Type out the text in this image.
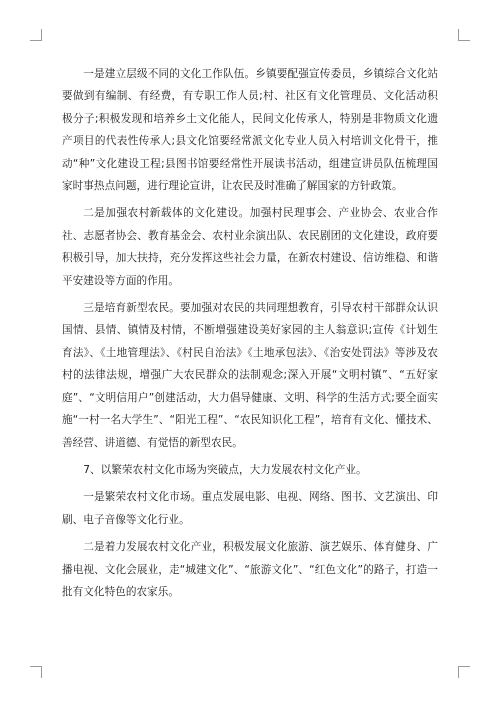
一是建立层级不同的文化工作队伍。乡镇要配强宣传委员，乡镇综合文化站要做到有编制、有经费，有专职工作人员;村、社区有文化管理员、文化活动积极分子;积极发现和培养乡土文化能人，民间文化传承人，特别是非物质文化遗产项目的代表性传承人;县文化馆要经常派文化专业人员入村培训文化骨干，推动“种”文化建设工程;县图书馆要经常性开展读书活动，组建宣讲员队伍梳理国家时事热点问题，进行理论宣讲，让农民及时准确了解国家的方针政策。

二是加强农村新载体的文化建设。加强村民理事会、产业协会、农业合作社、志愿者协会、教育基金会、农村业余演出队、农民剧团的文化建设，政府要积极引导，加大扶持，充分发挥这些社会力量，在新农村建设、信访维稳、和谐平安建设等方面的作用。

三是培育新型农民。要加强对农民的共同理想教育，引导农村干部群众认识国情、县情、镇情及村情，不断增强建设美好家园的主人翁意识;宣传《计划生育法》、《土地管理法》、《村民自治法》《土地承包法》、《治安处罚法》等涉及农村的法律法规，增强广大农民群众的法制观念;深入开展“文明村镇”、“五好家庭”、“文明信用户”创建活动，大力倡导健康、文明、科学的生活方式;要全面实施“一村一名大学生”、“阳光工程”、“农民知识化工程”，培育有文化、懂技术、善经营、讲道德、有觉悟的新型农民。

7、以繁荣农村文化市场为突破点，大力发展农村文化产业。

一是繁荣农村文化市场。重点发展电影、电视、网络、图书、文艺演出、印刷、电子音像等文化行业。

二是着力发展农村文化产业，积极发展文化旅游、演艺娱乐、体育健身、广播电视、文化会展业，走“城建文化”、“旅游文化”、“红色文化”的路子，打造一批有文化特色的农家乐。
